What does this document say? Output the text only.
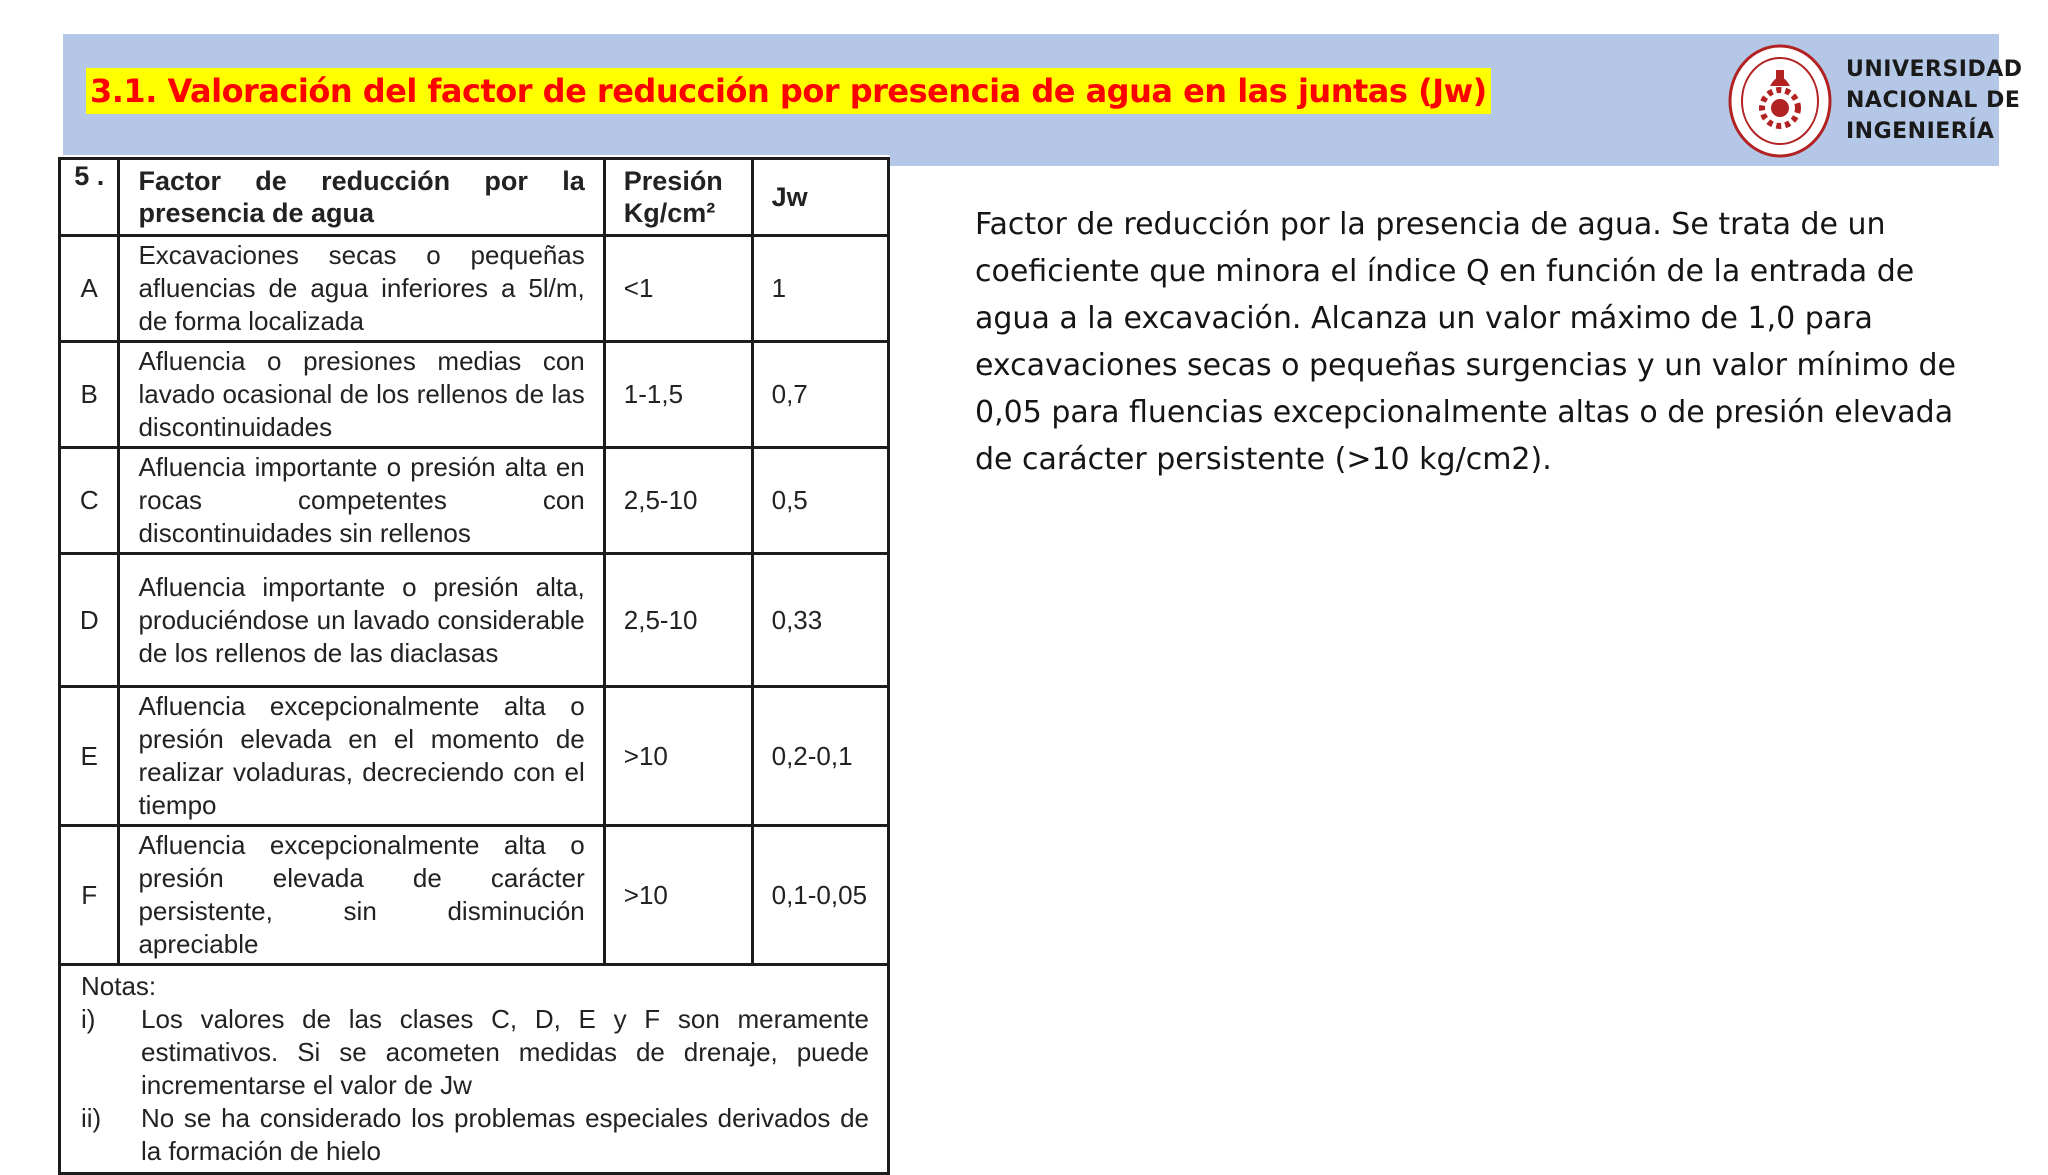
3.1. Valoración del factor de reducción por presencia de agua en las juntas (Jw)
UNIVERSIDAD
NACIONAL DE
INGENIERÍA
5 .	Factor de reducción por la presencia de agua	Presión Kg/cm²	Jw
A	Excavaciones secas o pequeñas afluencias de agua inferiores a 5l/m, de forma localizada	<1	1
B	Afluencia o presiones medias con lavado ocasional de los rellenos de las discontinuidades	1-1,5	0,7
C	Afluencia importante o presión alta en rocas competentes con discontinuidades sin rellenos	2,5-10	0,5
D	Afluencia importante o presión alta, produciéndose un lavado considerable de los rellenos de las diaclasas	2,5-10	0,33
E	Afluencia excepcionalmente alta o presión elevada en el momento de realizar voladuras, decreciendo con el tiempo	>10	0,2-0,1
F	Afluencia excepcionalmente alta o presión elevada de carácter persistente, sin disminución apreciable	>10	0,1-0,05

Notas:
i) Los valores de las clases C, D, E y F son meramente estimativos. Si se acometen medidas de drenaje, puede incrementarse el valor de Jw
ii) No se ha considerado los problemas especiales derivados de la formación de hielo			
Factor de reducción por la presencia de agua. Se trata de un coeficiente que minora el índice Q en función de la entrada de agua a la excavación. Alcanza un valor máximo de 1,0 para excavaciones secas o pequeñas surgencias y un valor mínimo de 0,05 para fluencias excepcionalmente altas o de presión elevada de carácter persistente (>10 kg/cm2).
